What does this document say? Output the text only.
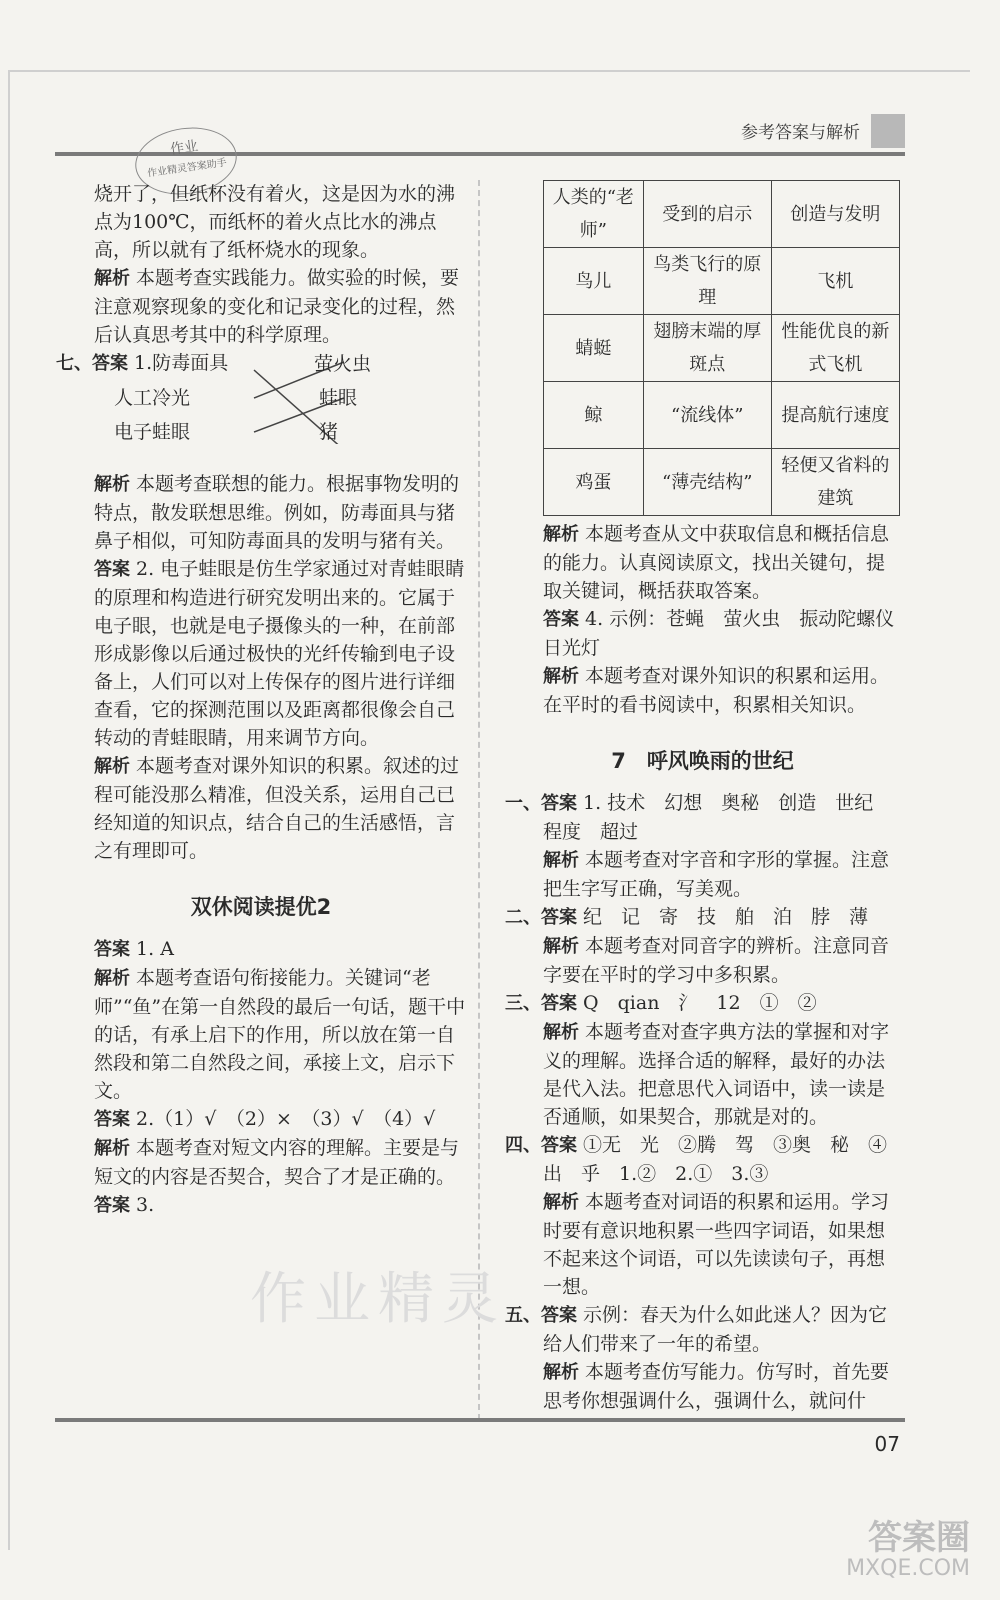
参考答案与解析
作业
作业精灵答案助手

烧开了，但纸杯没有着火，这是因为水的沸点为100℃，而纸杯的着火点比水的沸点高，所以就有了纸杯烧水的现象。

解析 本题考查实践能力。做实验的时候，要注意观察现象的变化和记录变化的过程，然后认真思考其中的科学原理。

七、答案 1.防毒面具	萤火虫
人工冷光	蛙眼
电子蛙眼	猪

解析 本题考查联想的能力。根据事物发明的特点，散发联想思维。例如，防毒面具与猪鼻子相似，可知防毒面具的发明与猪有关。

答案 2. 电子蛙眼是仿生学家通过对青蛙眼睛的原理和构造进行研究发明出来的。它属于电子眼，也就是电子摄像头的一种，在前部形成影像以后通过极快的光纤传输到电子设备上，人们可以对上传保存的图片进行详细查看，它的探测范围以及距离都很像会自己转动的青蛙眼睛，用来调节方向。

解析 本题考查对课外知识的积累。叙述的过程可能没那么精准，但没关系，运用自己已经知道的知识点，结合自己的生活感悟，言之有理即可。

双休阅读提优2

答案 1. A

解析 本题考查语句衔接能力。关键词“老师”“鱼”在第一自然段的最后一句话，题干中的话，有承上启下的作用，所以放在第一自然段和第二自然段之间，承接上文，启示下文。

答案 2.（1）√　（2）×　（3）√　（4）√

解析 本题考查对短文内容的理解。主要是与短文的内容是否契合，契合了才是正确的。

答案 3.

人类的“老师”	受到的启示	创造与发明
鸟儿	鸟类飞行的原理	飞机
蜻蜓	翅膀末端的厚斑点	性能优良的新式飞机
鲸	“流线体”	提高航行速度
鸡蛋	“薄壳结构”	轻便又省料的建筑

解析 本题考查从文中获取信息和概括信息的能力。认真阅读原文，找出关键句，提取关键词，概括获取答案。

答案 4. 示例：苍蝇　萤火虫　振动陀螺仪　日光灯

解析 本题考查对课外知识的积累和运用。在平时的看书阅读中，积累相关知识。

7　 呼风唤雨的世纪

一、答案 1. 技术　幻想　奥秘　创造　世纪　程度　超过

解析 本题考查对字音和字形的掌握。注意把生字写正确，写美观。

二、答案 纪　记　寄　技　舶　泊　脖　薄

解析 本题考查对同音字的辨析。注意同音字要在平时的学习中多积累。

三、答案 Q　qian　氵　12　①　②

解析 本题考查对查字典方法的掌握和对字义的理解。选择合适的解释，最好的办法是代入法。把意思代入词语中，读一读是否通顺，如果契合，那就是对的。

四、答案 ①无　光　②腾　驾　③奥　秘　④出　乎　1.②　2.①　3.③

解析 本题考查对词语的积累和运用。学习时要有意识地积累一些四字词语，如果想不起来这个词语，可以先读读句子，再想一想。

五、答案 示例：春天为什么如此迷人？因为它给人们带来了一年的希望。

解析 本题考查仿写能力。仿写时，首先要思考你想强调什么，强调什么，就问什

作业精灵
07
答案圈
MXQE.COM
